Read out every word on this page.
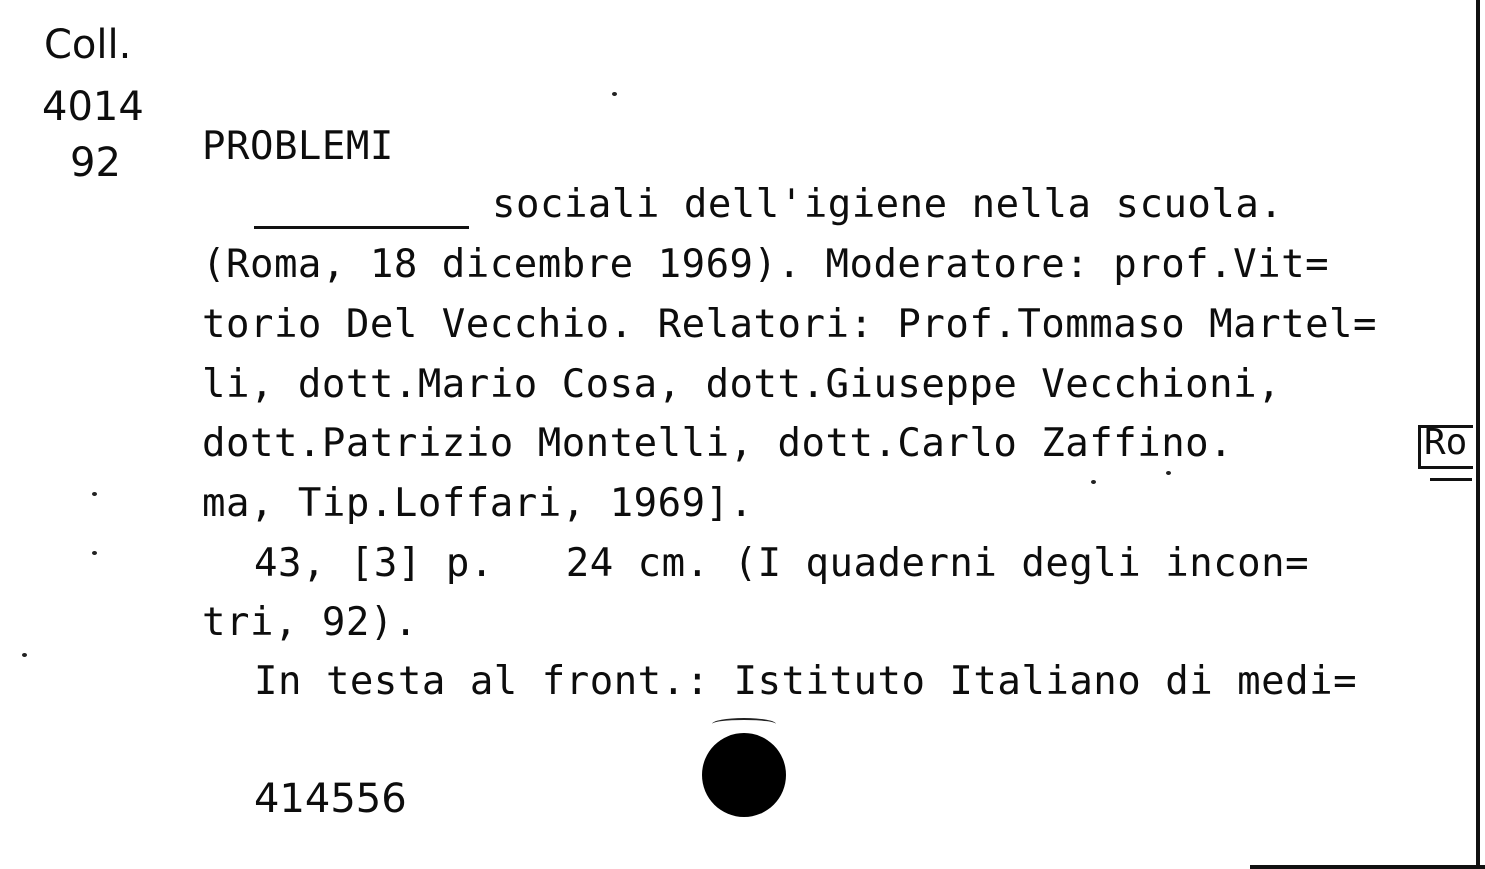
Coll.
4014
92 PROBLEMI
sociali dell'igiene nella scuola.
(Roma, 18 dicembre 1969). Moderatore: prof.Vit=
torio Del Vecchio. Relatori: Prof.Tommaso Martel=
li, dott.Mario Cosa, dott.Giuseppe Vecchioni,
dott.Patrizio Montelli, dott.Carlo Zaffino.	Ro
ma, Tip.Loffari, 1969].
43, [3] p.   24 cm. (I quaderni degli incon=
tri, 92).
In testa al front.: Istituto Italiano di medi=
414556
